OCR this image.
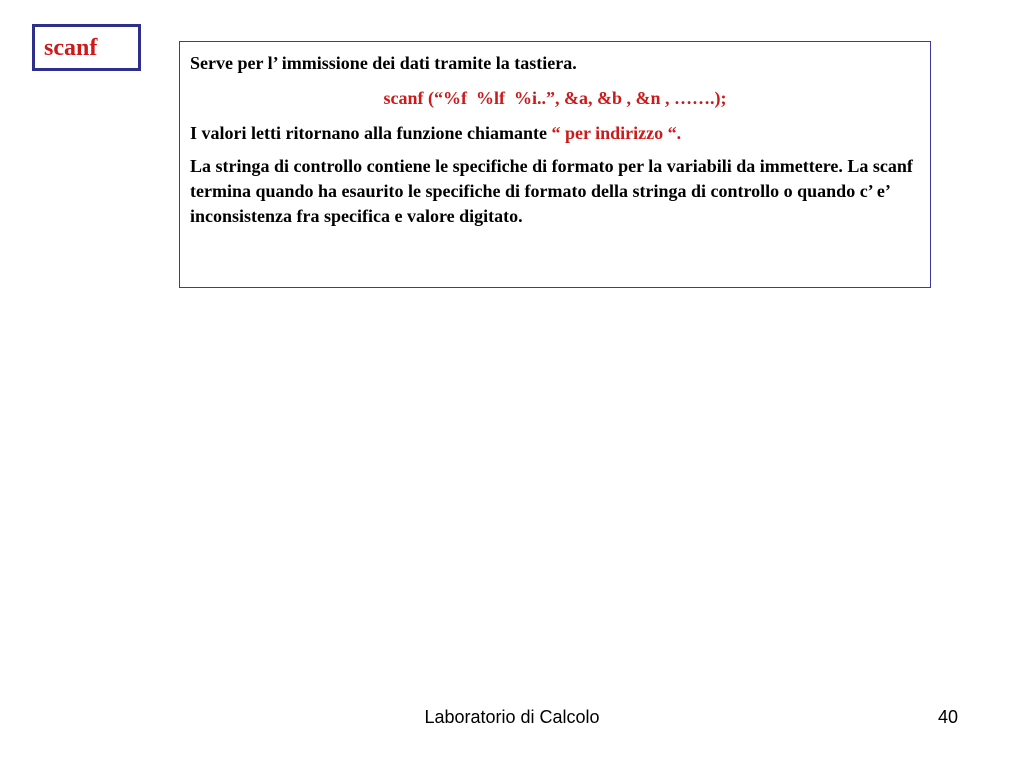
scanf

Serve per l’ immissione dei dati tramite la tastiera.

scanf (“%f  %lf  %i..”, &a, &b , &n , …….);

I valori letti ritornano alla funzione chiamante “ per indirizzo “.

La stringa di controllo contiene le specifiche di formato per la variabili da immettere. La scanf termina quando ha esaurito le specifiche di formato della stringa di controllo o quando c’ e’ inconsistenza fra specifica e valore digitato.

Laboratorio di Calcolo	40
